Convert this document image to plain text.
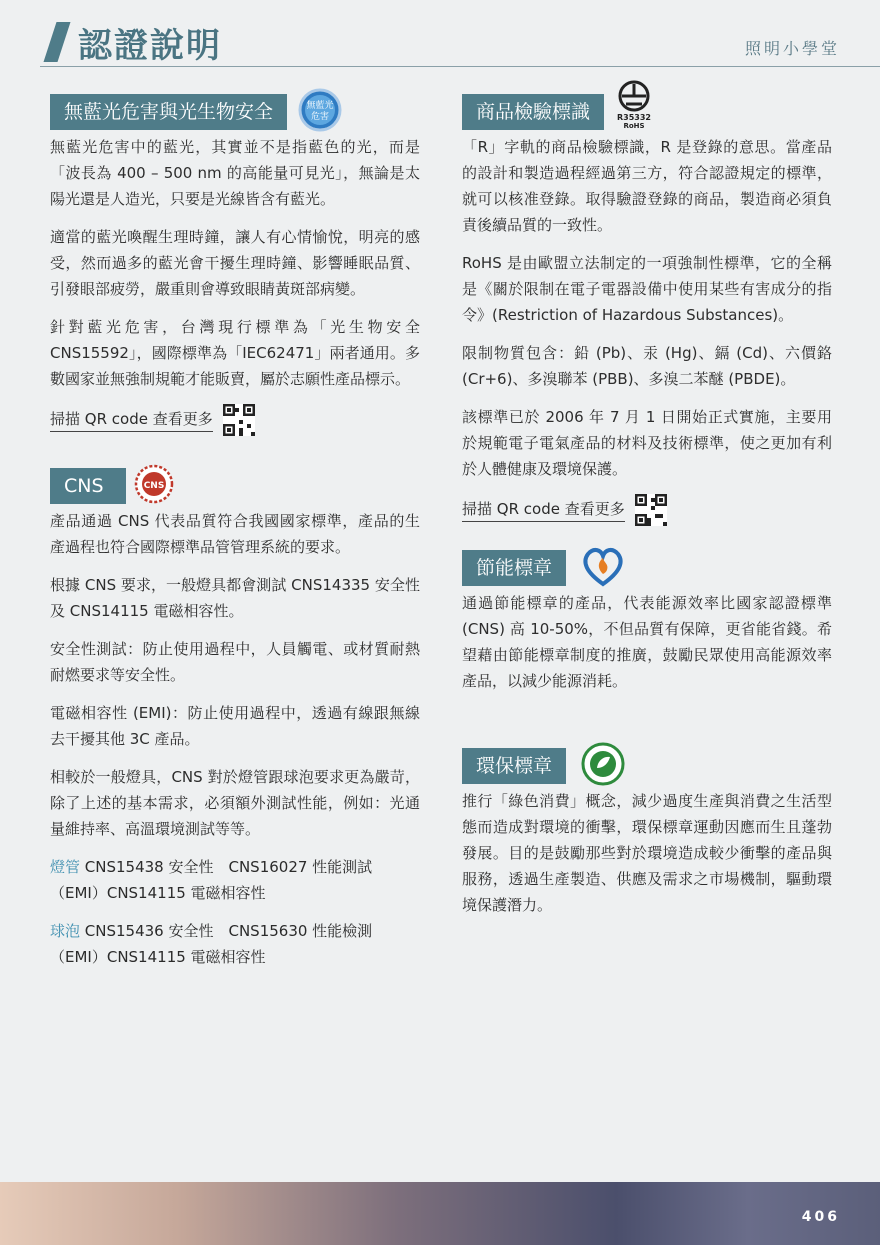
認證說明	照明小學堂
無藍光危害與光生物安全	無藍光
危害

無藍光危害中的藍光，其實並不是指藍色的光，而是「波長為 400 – 500 nm 的高能量可見光」，無論是太陽光還是人造光，只要是光線皆含有藍光。

適當的藍光喚醒生理時鐘，讓人有心情愉悅，明亮的感受，然而過多的藍光會干擾生理時鐘、影響睡眠品質、引發眼部疲勞，嚴重則會導致眼睛黃斑部病變。

針對藍光危害，台灣現行標準為「光生物安全 CNS15592」，國際標準為「IEC62471」兩者通用。多數國家並無強制規範才能販賣，屬於志願性產品標示。

掃描 QR code 查看更多
CNS	CNS

產品通過 CNS 代表品質符合我國國家標準，產品的生產過程也符合國際標準品管管理系統的要求。

根據 CNS 要求，一般燈具都會測試 CNS14335 安全性及 CNS14115 電磁相容性。

安全性測試：防止使用過程中，人員觸電、或材質耐熱耐燃要求等安全性。

電磁相容性 (EMI)：防止使用過程中，透過有線跟無線去干擾其他 3C 產品。

相較於一般燈具，CNS 對於燈管跟球泡要求更為嚴苛，除了上述的基本需求，必須額外測試性能，例如：光通量維持率、高溫環境測試等等。

燈管 CNS15438 安全性　CNS16027 性能測試
（EMI）CNS14115 電磁相容性
球泡 CNS15436 安全性　CNS15630 性能檢測
（EMI）CNS14115 電磁相容性
商品檢驗標識	R35332
RoHS

「R」字軌的商品檢驗標識，R 是登錄的意思。當產品的設計和製造過程經過第三方，符合認證規定的標準，就可以核准登錄。取得驗證登錄的商品，製造商必須負責後續品質的一致性。

RoHS 是由歐盟立法制定的一項強制性標準，它的全稱是《關於限制在電子電器設備中使用某些有害成分的指令》(Restriction of Hazardous Substances)。

限制物質包含：鉛 (Pb)、汞 (Hg)、鎘 (Cd)、六價鉻 (Cr+6)、多溴聯苯 (PBB)、多溴二苯醚 (PBDE)。

該標準已於 2006 年 7 月 1 日開始正式實施，主要用於規範電子電氣產品的材料及技術標準，使之更加有利於人體健康及環境保護。

掃描 QR code 查看更多
節能標章

通過節能標章的產品，代表能源效率比國家認證標準 (CNS) 高 10-50%，不但品質有保障，更省能省錢。希望藉由節能標章制度的推廣，鼓勵民眾使用高能源效率產品，以減少能源消耗。

環保標章

推行「綠色消費」概念，減少過度生產與消費之生活型態而造成對環境的衝擊，環保標章運動因應而生且蓬勃發展。目的是鼓勵那些對於環境造成較少衝擊的產品與服務，透過生產製造、供應及需求之市場機制，驅動環境保護潛力。

406
